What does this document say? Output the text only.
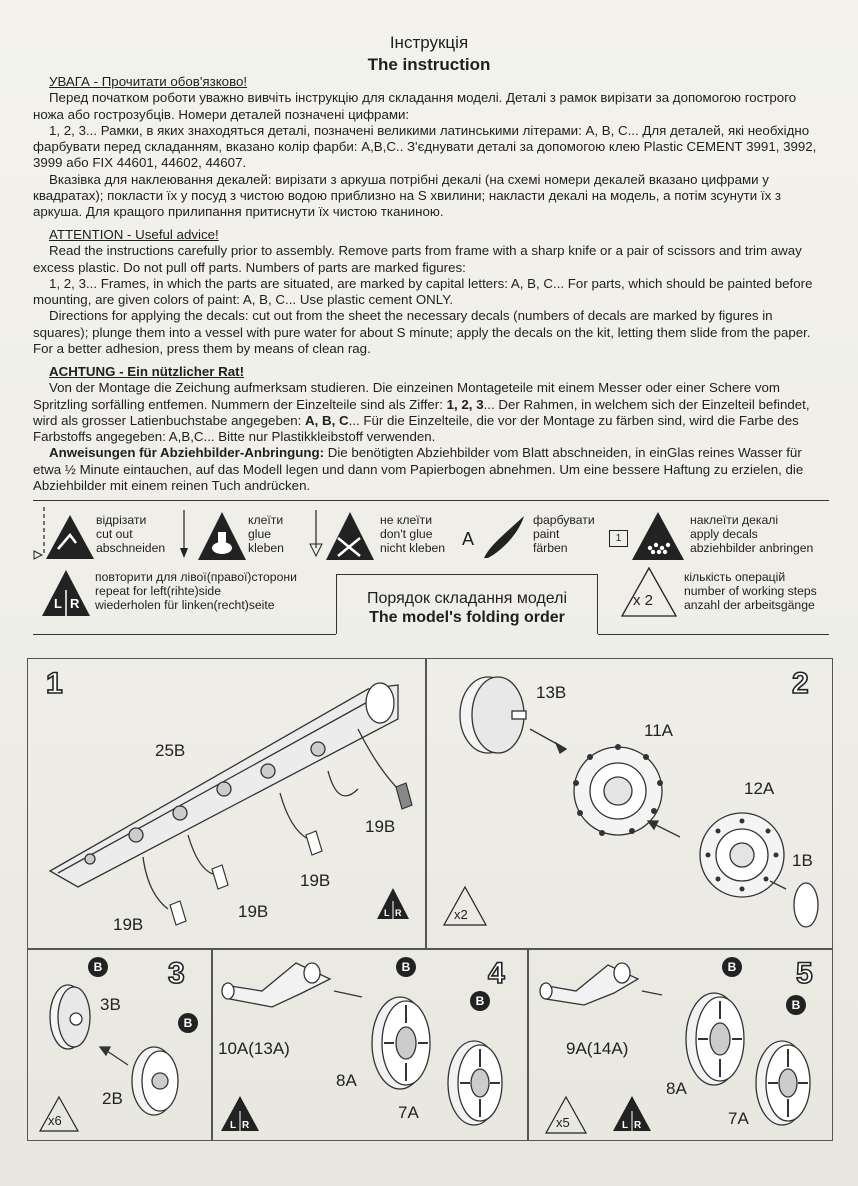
Інструкція
The instruction
УВАГА - Прочитати обов'язково!

Перед початком роботи уважно вивчіть інструкцію для складання моделі. Деталі з рамок вирізати за допомогою гострого ножа або гострозубців. Номери деталей позначені цифрами:

1, 2, 3... Рамки, в яких знаходяться деталі, позначені великими латинськими літерами: А, В, С... Для деталей, які необхідно фарбувати перед складанням, вказано колір фарби: А,В,С.. З'єднувати деталі за допомогою клею Plastic CEMENT 3991, 3992, 3999 або FIX 44601, 44602, 44607.

Вказівка для наклеювання декалей: вирізати з аркуша потрібні декалі (на схемі номери декалей вказано цифрами у квадратах); покласти їх у посуд з чистою водою приблизно на S хвилини; накласти декалі на модель, а потім зсунути їх з аркуша. Для кращого прилипання притиснути їх чистою тканиною.

ATTENTION - Useful advice!

Read the instructions carefully prior to assembly. Remove parts from frame with a sharp knife or a pair of scissors and trim away excess plastic. Do not pull off parts. Numbers of parts are marked figures:

1, 2, 3... Frames, in which the parts are situated, are marked by capital letters: A, B, C... For parts, which should be painted before mounting, are given colors of paint: A, B, C... Use plastic cement ONLY.

Directions for applying the decals: cut out from the sheet the necessary decals (numbers of decals are marked by figures in squares); plunge them into a vessel with pure water for about S minute; apply the decals on the kit, letting them slide from the paper. For a better adhesion, press them by means of clean rag.

ACHTUNG - Ein nützlicher Rat!

Von der Montage die Zeichung aufmerksam studieren. Die einzeinen Montageteile mit einem Messer oder einer Schere vom Spritzling sorfälling entfemen. Nummern der Einzelteile sind als Ziffer: 1, 2, 3... Der Rahmen, in welchem sich der Einzelteil befindet, wird als grosser Latienbuchstabe angegeben: A, B, C... Für die Einzelteile, die vor der Montage zu färben sind, wird die Farbe des Farbstoffs angegeben: A,B,C... Bitte nur Plastikkleibstoff verwenden.

Anweisungen für Abziehbilder-Anbringung: Die benötigten Abziehbilder vom Blatt abschneiden, in einGlas reines Wasser für etwa ½ Minute eintauchen, auf das Modell legen und dann vom Papierbogen abnehmen. Um eine bessere Haftung zu erzielen, die Abziehbilder mit einem reinen Tuch andrücken.

відрізати
cut out
abschneiden
клеїти
glue
kleben
не клеїти
don't glue
nicht kleben A
фарбувати
paint
färben
1
наклеїти декалі
apply decals
abziehbilder anbringen
L R
повторити для лівої(правої)сторони
repeat for left(rihte)side
wiederholen für linken(recht)seite	Порядок складання моделі
The model's folding order
x 2
кількість операцій
number of working steps
anzahl der arbeitsgänge
1
25B
19B
19B
19B
19B
L R
2
13B
11A
12A
1B
x2
3
B
B
3B
2B
x6
4
B
B
10A(13A)
8A
7A
L R
5
B
B
9A(14A)
8A
7A
x5	L R
